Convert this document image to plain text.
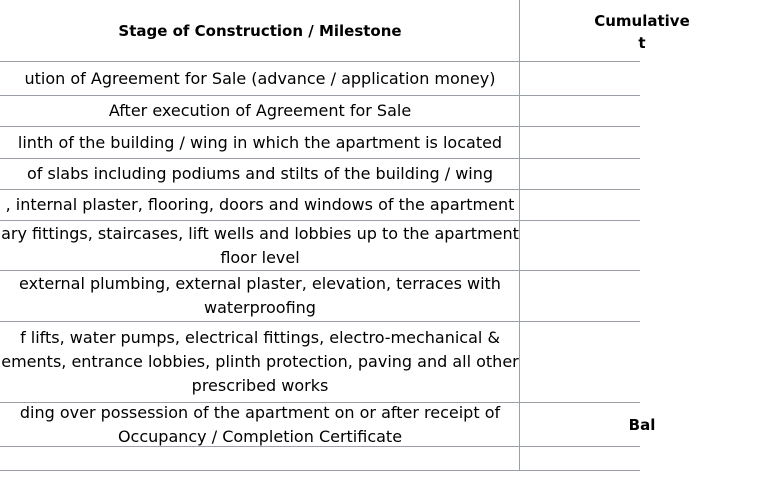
Stage of Construction / Milestone
Cumulative
t
ution of Agreement for Sale (advance / application money)
After execution of Agreement for Sale
linth of the building / wing in which the apartment is located
of slabs including podiums and stilts of the building / wing
, internal plaster, flooring, doors and windows of the apartment
ary fittings, staircases, lift wells and lobbies up to the apartment
floor level
external plumbing, external plaster, elevation, terraces with
waterproofing
f lifts, water pumps, electrical fittings, electro-mechanical &
ements, entrance lobbies, plinth protection, paving and all other
prescribed works
ding over possession of the apartment on or after receipt of
Occupancy / Completion Certificate
Bal
